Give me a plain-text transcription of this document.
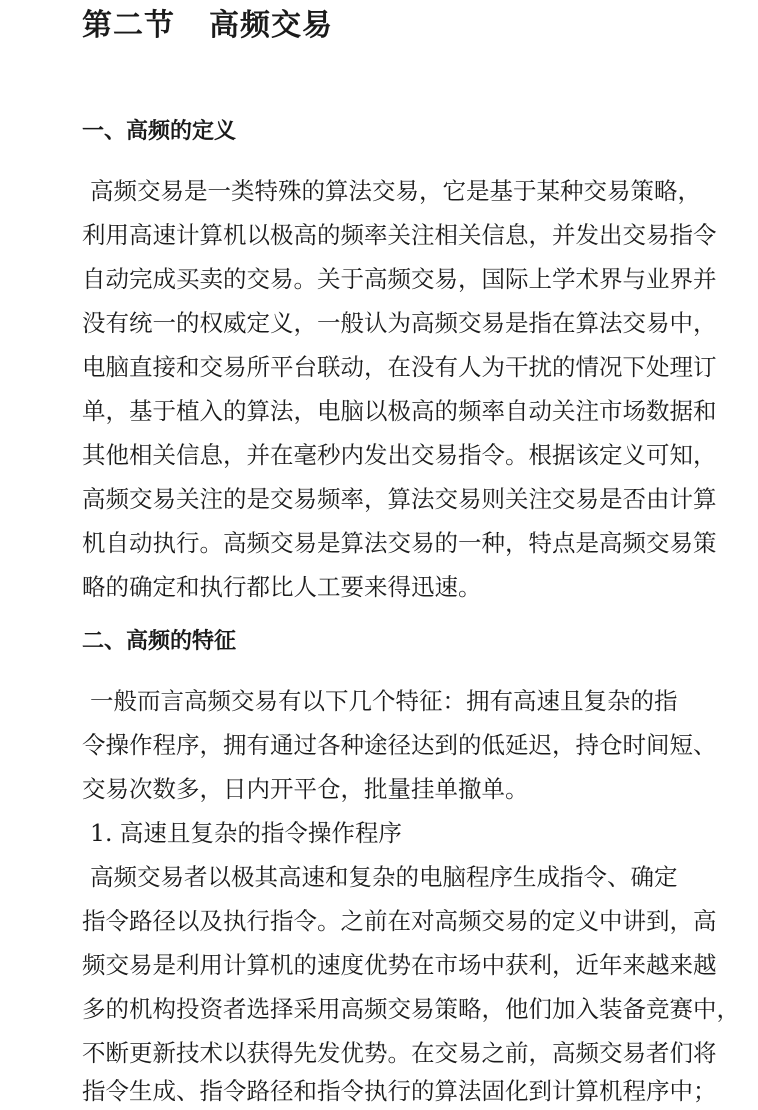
第二节 高频交易
一、高频的定义

高频交易是一类特殊的算法交易，它是基于某种交易策略，

利用高速计算机以极高的频率关注相关信息，并发出交易指令

自动完成买卖的交易。关于高频交易，国际上学术界与业界并

没有统一的权威定义，一般认为高频交易是指在算法交易中，

电脑直接和交易所平台联动，在没有人为干扰的情况下处理订

单，基于植入的算法，电脑以极高的频率自动关注市场数据和

其他相关信息，并在毫秒内发出交易指令。根据该定义可知，

高频交易关注的是交易频率，算法交易则关注交易是否由计算

机自动执行。高频交易是算法交易的一种，特点是高频交易策

略的确定和执行都比人工要来得迅速。

二、高频的特征

一般而言高频交易有以下几个特征：拥有高速且复杂的指

令操作程序，拥有通过各种途径达到的低延迟，持仓时间短、

交易次数多，日内开平仓，批量挂单撤单。

1. 高速且复杂的指令操作程序

高频交易者以极其高速和复杂的电脑程序生成指令、确定

指令路径以及执行指令。之前在对高频交易的定义中讲到，高

频交易是利用计算机的速度优势在市场中获利，近年来越来越

多的机构投资者选择采用高频交易策略，他们加入装备竞赛中，

不断更新技术以获得先发优势。在交易之前，高频交易者们将

指令生成、指令路径和指令执行的算法固化到计算机程序中；
